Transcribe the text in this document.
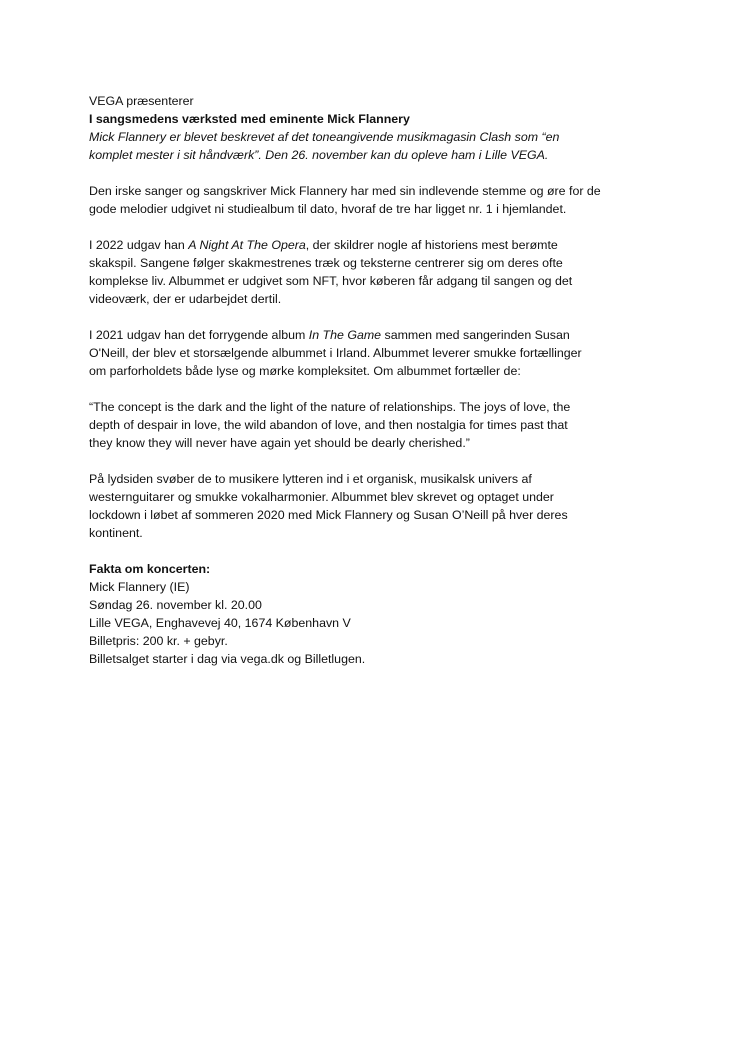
VEGA præsenterer
I sangsmedens værksted med eminente Mick Flannery
Mick Flannery er blevet beskrevet af det toneangivende musikmagasin Clash som “en
komplet mester i sit håndværk”. Den 26. november kan du opleve ham i Lille VEGA.

Den irske sanger og sangskriver Mick Flannery har med sin indlevende stemme og øre for de
gode melodier udgivet ni studiealbum til dato, hvoraf de tre har ligget nr. 1 i hjemlandet.

I 2022 udgav han A Night At The Opera, der skildrer nogle af historiens mest berømte
skakspil. Sangene følger skakmestrenes træk og teksterne centrerer sig om deres ofte
komplekse liv. Albummet er udgivet som NFT, hvor køberen får adgang til sangen og det
videoværk, der er udarbejdet dertil.

I 2021 udgav han det forrygende album In The Game sammen med sangerinden Susan
O'Neill, der blev et storsælgende albummet i Irland. Albummet leverer smukke fortællinger
om parforholdets både lyse og mørke kompleksitet. Om albummet fortæller de:

“The concept is the dark and the light of the nature of relationships. The joys of love, the
depth of despair in love, the wild abandon of love, and then nostalgia for times past that
they know they will never have again yet should be dearly cherished.”

På lydsiden svøber de to musikere lytteren ind i et organisk, musikalsk univers af
westernguitarer og smukke vokalharmonier. Albummet blev skrevet og optaget under
lockdown i løbet af sommeren 2020 med Mick Flannery og Susan O’Neill på hver deres
kontinent.

Fakta om koncerten:
Mick Flannery (IE)
Søndag 26. november kl. 20.00
Lille VEGA, Enghavevej 40, 1674 København V
Billetpris: 200 kr. + gebyr.
Billetsalget starter i dag via vega.dk og Billetlugen.
